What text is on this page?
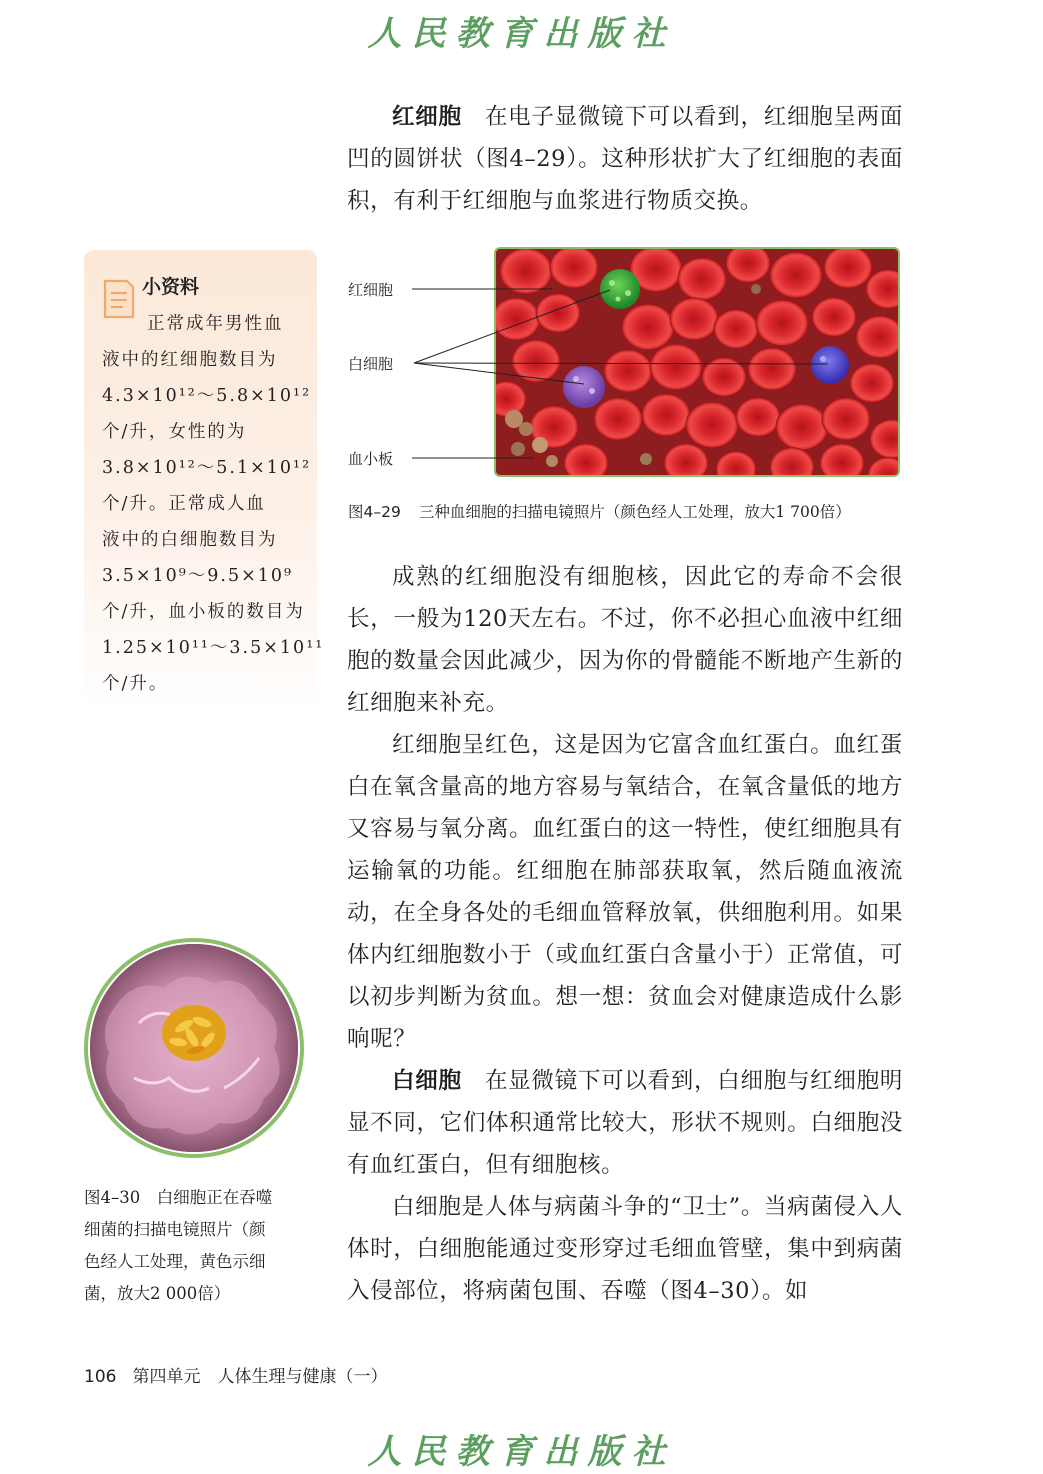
人民教育出版社

红细胞　 在电子显微镜下可以看到，红细胞呈两面凹的圆饼状（图4–29）。这种形状扩大了红细胞的表面积，有利于红细胞与血浆进行物质交换。

小资料
正常成年男性血
液中的红细胞数目为
4.3×10¹²～5.8×10¹²
个/升，女性的为
3.8×10¹²～5.1×10¹²
个/升。正常成人血
液中的白细胞数目为
3.5×10⁹～9.5×10⁹
个/升，血小板的数目为
1.25×10¹¹～3.5×10¹¹
个/升。
红细胞
白细胞
血小板
图4–29 三种血细胞的扫描电镜照片（颜色经人工处理，放大1 700倍）

成熟的红细胞没有细胞核，因此它的寿命不会很长，一般为120天左右。不过，你不必担心血液中红细胞的数量会因此减少，因为你的骨髓能不断地产生新的红细胞来补充。

红细胞呈红色，这是因为它富含血红蛋白。血红蛋白在氧含量高的地方容易与氧结合，在氧含量低的地方又容易与氧分离。血红蛋白的这一特性，使红细胞具有运输氧的功能。红细胞在肺部获取氧，然后随血液流动，在全身各处的毛细血管释放氧，供细胞利用。如果体内红细胞数小于（或血红蛋白含量小于）正常值，可以初步判断为贫血。想一想：贫血会对健康造成什么影响呢？

白细胞　 在显微镜下可以看到，白细胞与红细胞明显不同，它们体积通常比较大，形状不规则。白细胞没有血红蛋白，但有细胞核。

白细胞是人体与病菌斗争的“卫士”。当病菌侵入人体时，白细胞能通过变形穿过毛细血管壁，集中到病菌入侵部位，将病菌包围、吞噬（图4–30）。如

图4–30　白细胞正在吞噬
细菌的扫描电镜照片（颜
色经人工处理，黄色示细
菌，放大2 000倍）
106 第四单元　人体生理与健康（一）
人民教育出版社
